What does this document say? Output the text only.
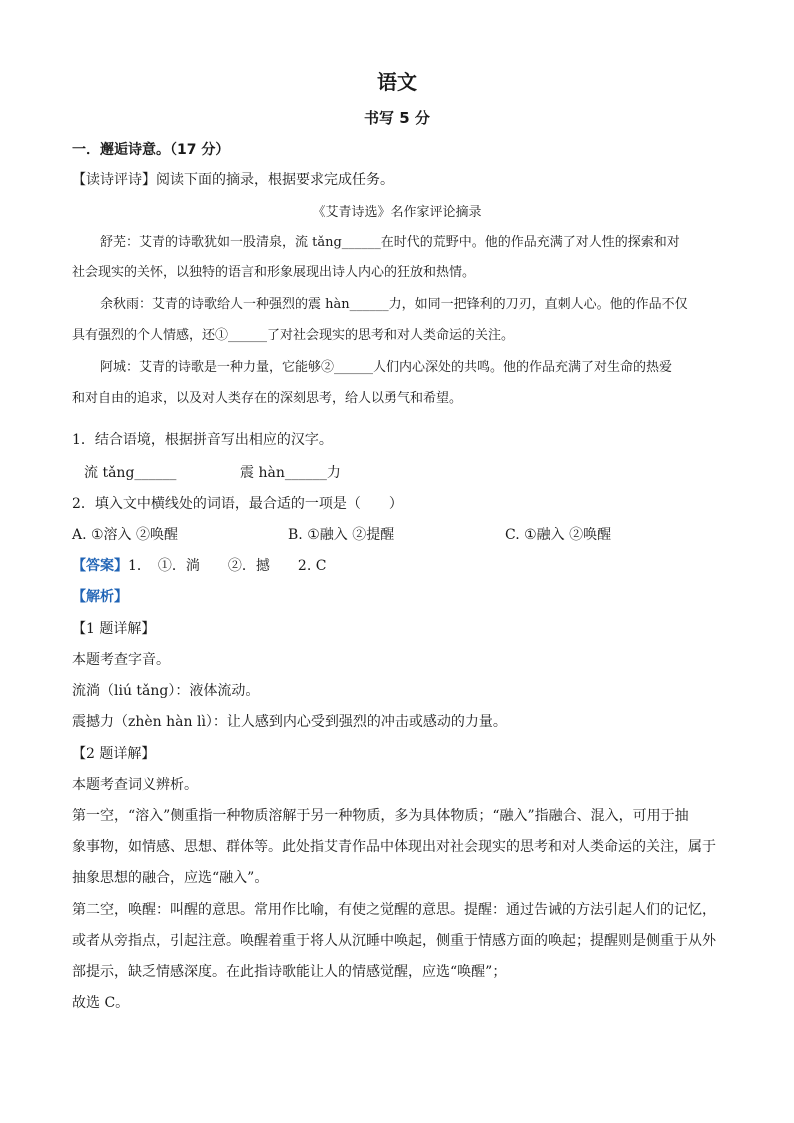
语文
书写 5 分
一．邂逅诗意。（17 分）
【读诗评诗】阅读下面的摘录，根据要求完成任务。
《艾青诗选》名作家评论摘录
舒芜：艾青的诗歌犹如一股清泉，流 tǎng______在时代的荒野中。他的作品充满了对人性的探索和对
社会现实的关怀，以独特的语言和形象展现出诗人内心的狂放和热情。
余秋雨：艾青的诗歌给人一种强烈的震 hàn______力，如同一把锋利的刀刃，直刺人心。他的作品不仅
具有强烈的个人情感，还①______了对社会现实的思考和对人类命运的关注。
阿城：艾青的诗歌是一种力量，它能够②______人们内心深处的共鸣。他的作品充满了对生命的热爱
和对自由的追求，以及对人类存在的深刻思考，给人以勇气和希望。
1．结合语境，根据拼音写出相应的汉字。
流 tǎng______	震 hàn______力
2．填入文中横线处的词语，最合适的一项是（　　）
A. ①溶入 ②唤醒	B. ①融入 ②提醒	C. ①融入 ②唤醒
【答案】1．　①．淌　　②．撼　　2. C
【解析】
【1 题详解】
本题考查字音。
流淌（liú tǎng）：液体流动。
震撼力（zhèn hàn lì）：让人感到内心受到强烈的冲击或感动的力量。
【2 题详解】
本题考查词义辨析。
第一空，“溶入”侧重指一种物质溶解于另一种物质，多为具体物质；“融入”指融合、混入，可用于抽
象事物，如情感、思想、群体等。此处指艾青作品中体现出对社会现实的思考和对人类命运的关注，属于
抽象思想的融合，应选“融入”。
第二空，唤醒：叫醒的意思。常用作比喻，有使之觉醒的意思。提醒：通过告诫的方法引起人们的记忆，
或者从旁指点，引起注意。唤醒着重于将人从沉睡中唤起，侧重于情感方面的唤起；提醒则是侧重于从外
部提示，缺乏情感深度。在此指诗歌能让人的情感觉醒，应选“唤醒”；
故选 C。
